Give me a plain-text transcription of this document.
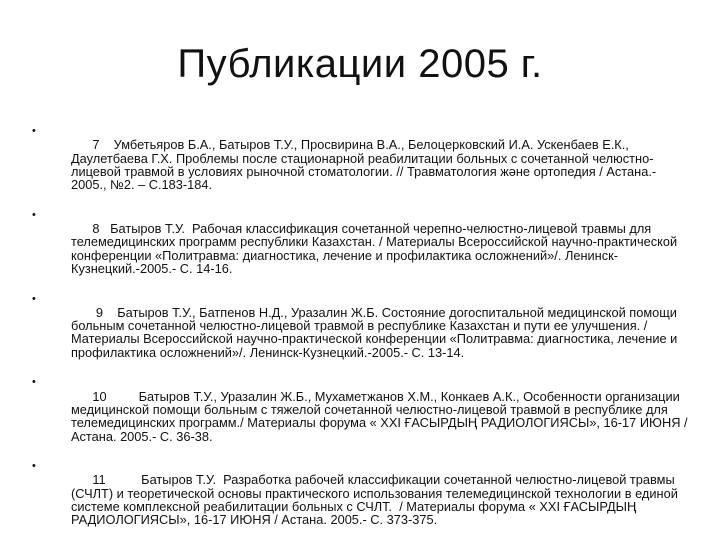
Публикации 2005 г.

•
7    Умбетьяров Б.А., Батыров Т.У., Просвирина В.А., Белоцерковский И.А. Ускенбаев Е.К., Даулетбаева Г.Х. Проблемы после стационарной реабилитации больных с сочетанной челюстно-лицевой травмой в условиях рыночной стоматологии. // Травматология және ортопедия / Астана.- 2005., №2. – С.183-184.

•
8   Батыров Т.У.  Рабочая классификация сочетанной черепно-челюстно-лицевой травмы для телемедицинских программ республики Казахстан. / Материалы Всероссийской научно-практической конференции «Политравма: диагностика, лечение и профилактика осложнений»/. Ленинск-Кузнецкий.-2005.- С. 14-16.

•
9    Батыров Т.У., Батпенов Н.Д., Уразалин Ж.Б. Состояние догоспитальной медицинской помощи больным сочетанной челюстно-лицевой травмой в республике Казахстан и пути ее улучшения. / Материалы Всероссийской научно-практической конференции «Политравма: диагностика, лечение и профилактика осложнений»/. Ленинск-Кузнецкий.-2005.- С. 13-14.

•
10         Батыров Т.У., Уразалин Ж.Б., Мухаметжанов Х.М., Конкаев А.К., Особенности организации медицинской помощи больным с тяжелой сочетанной челюстно-лицевой травмой в республике для телемедицинских программ./ Материалы форума « XXI ҒАСЫРДЫҢ РАДИОЛОГИЯСЫ», 16-17 ИЮНЯ / Астана. 2005.- С. 36-38.

•
11          Батыров Т.У.  Разработка рабочей классификации сочетанной челюстно-лицевой травмы (СЧЛТ) и теоретической основы практического использования телемедицинской технологии в единой системе комплексной реабилитации больных с СЧЛТ.  / Материалы форума « XXI ҒАСЫРДЫҢ РАДИОЛОГИЯСЫ», 16-17 ИЮНЯ / Астана. 2005.- С. 373-375.
